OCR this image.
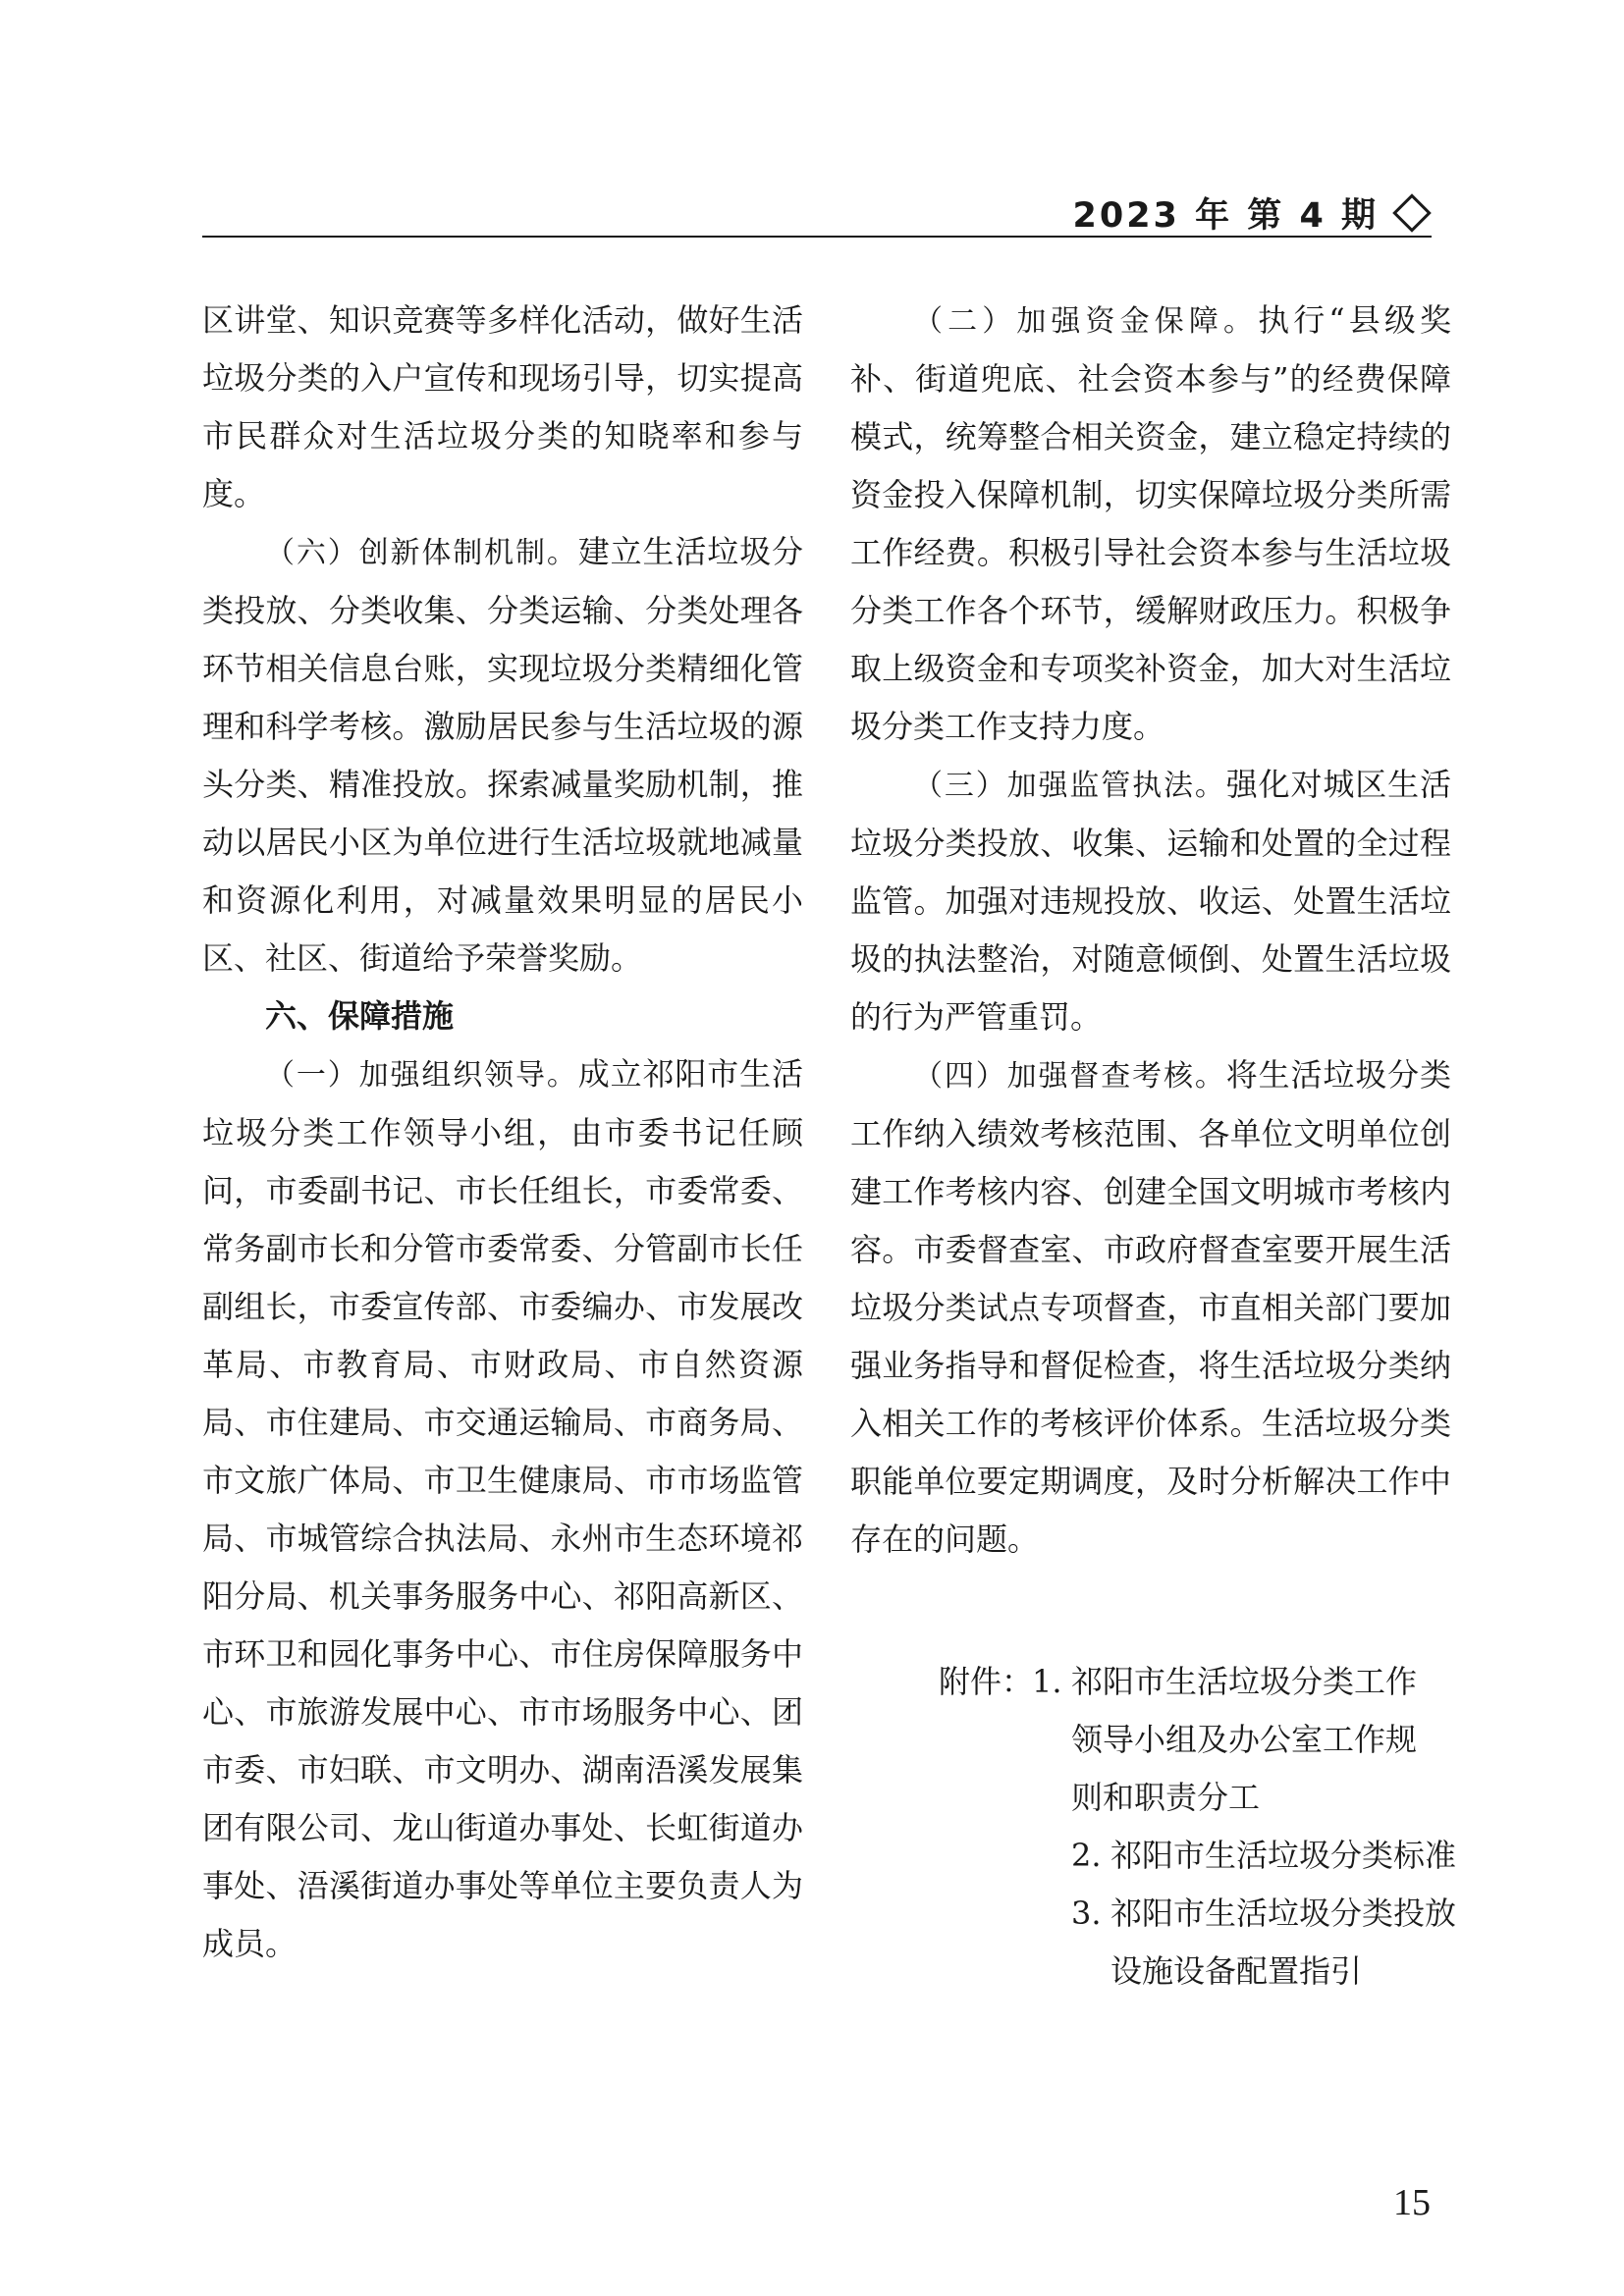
2023 年 第 4 期

区讲堂、知识竞赛等多样化活动，做好生活垃圾分类的入户宣传和现场引导，切实提高市民群众对生活垃圾分类的知晓率和参与度。

（六）创新体制机制。建立生活垃圾分类投放、分类收集、分类运输、分类处理各环节相关信息台账，实现垃圾分类精细化管理和科学考核。激励居民参与生活垃圾的源头分类、精准投放。探索减量奖励机制，推动以居民小区为单位进行生活垃圾就地减量和资源化利用，对减量效果明显的居民小区、社区、街道给予荣誉奖励。

六、保障措施

（一）加强组织领导。成立祁阳市生活垃圾分类工作领导小组，由市委书记任顾问，市委副书记、市长任组长，市委常委、常务副市长和分管市委常委、分管副市长任副组长，市委宣传部、市委编办、市发展改革局、市教育局、市财政局、市自然资源局、市住建局、市交通运输局、市商务局、市文旅广体局、市卫生健康局、市市场监管局、市城管综合执法局、永州市生态环境祁阳分局、机关事务服务中心、祁阳高新区、市环卫和园化事务中心、市住房保障服务中心、市旅游发展中心、市市场服务中心、团市委、市妇联、市文明办、湖南浯溪发展集团有限公司、龙山街道办事处、长虹街道办事处、浯溪街道办事处等单位主要负责人为成员。

（二）加强资金保障。执行“县级奖补、街道兜底、社会资本参与”的经费保障模式，统筹整合相关资金，建立稳定持续的资金投入保障机制，切实保障垃圾分类所需工作经费。积极引导社会资本参与生活垃圾分类工作各个环节，缓解财政压力。积极争取上级资金和专项奖补资金，加大对生活垃圾分类工作支持力度。

（三）加强监管执法。强化对城区生活垃圾分类投放、收集、运输和处置的全过程监管。加强对违规投放、收运、处置生活垃圾的执法整治，对随意倾倒、处置生活垃圾的行为严管重罚。

（四）加强督查考核。将生活垃圾分类工作纳入绩效考核范围、各单位文明单位创建工作考核内容、创建全国文明城市考核内容。市委督查室、市政府督查室要开展生活垃圾分类试点专项督查，市直相关部门要加强业务指导和督促检查，将生活垃圾分类纳入相关工作的考核评价体系。生活垃圾分类职能单位要定期调度，及时分析解决工作中存在的问题。

附件：
1. 祁阳市生活垃圾分类工作领导小组及办公室工作规则和职责分工
2. 祁阳市生活垃圾分类标准
3. 祁阳市生活垃圾分类投放设施设备配置指引
15
